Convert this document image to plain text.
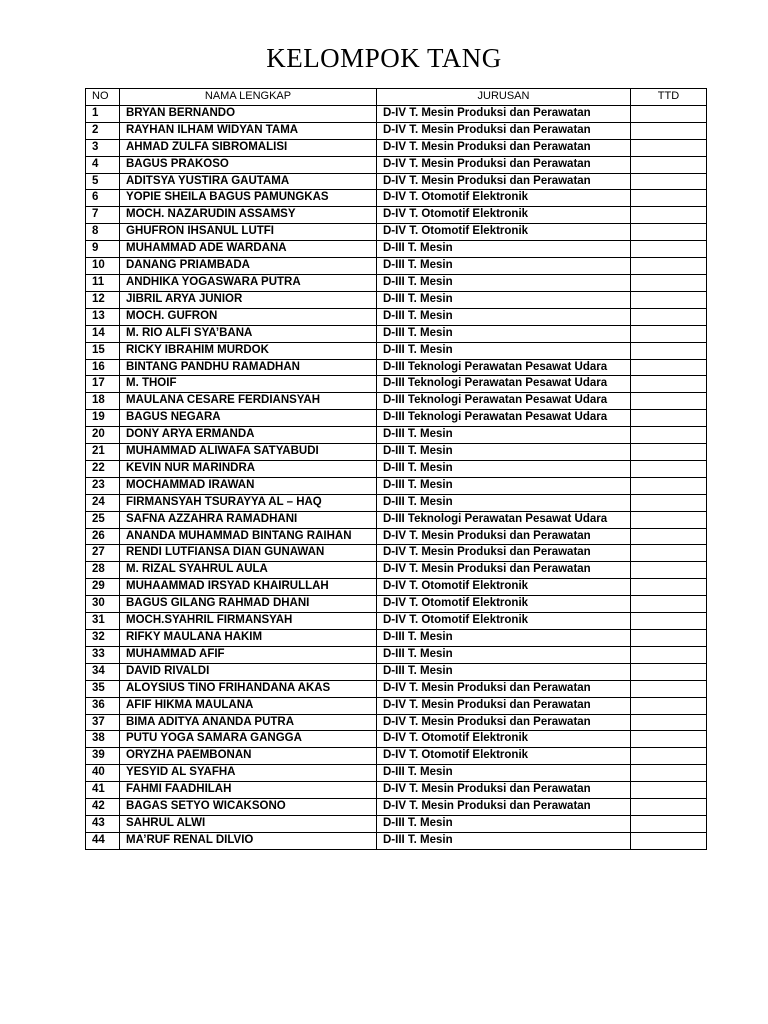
KELOMPOK TANG
NO	NAMA LENGKAP	JURUSAN	TTD
1	BRYAN BERNANDO	D-IV T. Mesin Produksi dan Perawatan	
2	RAYHAN ILHAM WIDYAN TAMA	D-IV T. Mesin Produksi dan Perawatan	
3	AHMAD ZULFA SIBROMALISI	D-IV T. Mesin Produksi dan Perawatan	
4	BAGUS PRAKOSO	D-IV T. Mesin Produksi dan Perawatan	
5	ADITSYA YUSTIRA GAUTAMA	D-IV T. Mesin Produksi dan Perawatan	
6	YOPIE SHEILA BAGUS PAMUNGKAS	D-IV T. Otomotif Elektronik	
7	MOCH. NAZARUDIN ASSAMSY	D-IV T. Otomotif Elektronik	
8	GHUFRON IHSANUL LUTFI	D-IV T. Otomotif Elektronik	
9	MUHAMMAD ADE WARDANA	D-III T. Mesin	
10	DANANG PRIAMBADA	D-III T. Mesin	
11	ANDHIKA YOGASWARA PUTRA	D-III T. Mesin	
12	JIBRIL ARYA JUNIOR	D-III T. Mesin	
13	MOCH. GUFRON	D-III T. Mesin	
14	M. RIO ALFI SYA’BANA	D-III T. Mesin	
15	RICKY IBRAHIM MURDOK	D-III T. Mesin	
16	BINTANG PANDHU RAMADHAN	D-III Teknologi Perawatan Pesawat Udara	
17	M. THOIF	D-III Teknologi Perawatan Pesawat Udara	
18	MAULANA CESARE FERDIANSYAH	D-III Teknologi Perawatan Pesawat Udara	
19	BAGUS NEGARA	D-III Teknologi Perawatan Pesawat Udara	
20	DONY ARYA ERMANDA	D-III T. Mesin	
21	MUHAMMAD ALIWAFA SATYABUDI	D-III T. Mesin	
22	KEVIN NUR MARINDRA	D-III T. Mesin	
23	MOCHAMMAD IRAWAN	D-III T. Mesin	
24	FIRMANSYAH TSURAYYA AL – HAQ	D-III T. Mesin	
25	SAFNA AZZAHRA RAMADHANI	D-III Teknologi Perawatan Pesawat Udara	
26	ANANDA MUHAMMAD BINTANG RAIHAN	D-IV T. Mesin Produksi dan Perawatan	
27	RENDI LUTFIANSA DIAN GUNAWAN	D-IV T. Mesin Produksi dan Perawatan	
28	M. RIZAL SYAHRUL AULA	D-IV T. Mesin Produksi dan Perawatan	
29	MUHAAMMAD IRSYAD KHAIRULLAH	D-IV T. Otomotif Elektronik	
30	BAGUS GILANG RAHMAD DHANI	D-IV T. Otomotif Elektronik	
31	MOCH.SYAHRIL FIRMANSYAH	D-IV T. Otomotif Elektronik	
32	RIFKY MAULANA HAKIM	D-III T. Mesin	
33	MUHAMMAD AFIF	D-III T. Mesin	
34	DAVID RIVALDI	D-III T. Mesin	
35	ALOYSIUS TINO FRIHANDANA AKAS	D-IV T. Mesin Produksi dan Perawatan	
36	AFIF HIKMA MAULANA	D-IV T. Mesin Produksi dan Perawatan	
37	BIMA ADITYA ANANDA PUTRA	D-IV T. Mesin Produksi dan Perawatan	
38	PUTU YOGA SAMARA GANGGA	D-IV T. Otomotif Elektronik	
39	ORYZHA PAEMBONAN	D-IV T. Otomotif Elektronik	
40	YESYID AL SYAFHA	D-III T. Mesin	
41	FAHMI FAADHILAH	D-IV T. Mesin Produksi dan Perawatan	
42	BAGAS SETYO WICAKSONO	D-IV T. Mesin Produksi dan Perawatan	
43	SAHRUL ALWI	D-III T. Mesin	
44	MA’RUF RENAL DILVIO	D-III T. Mesin	
